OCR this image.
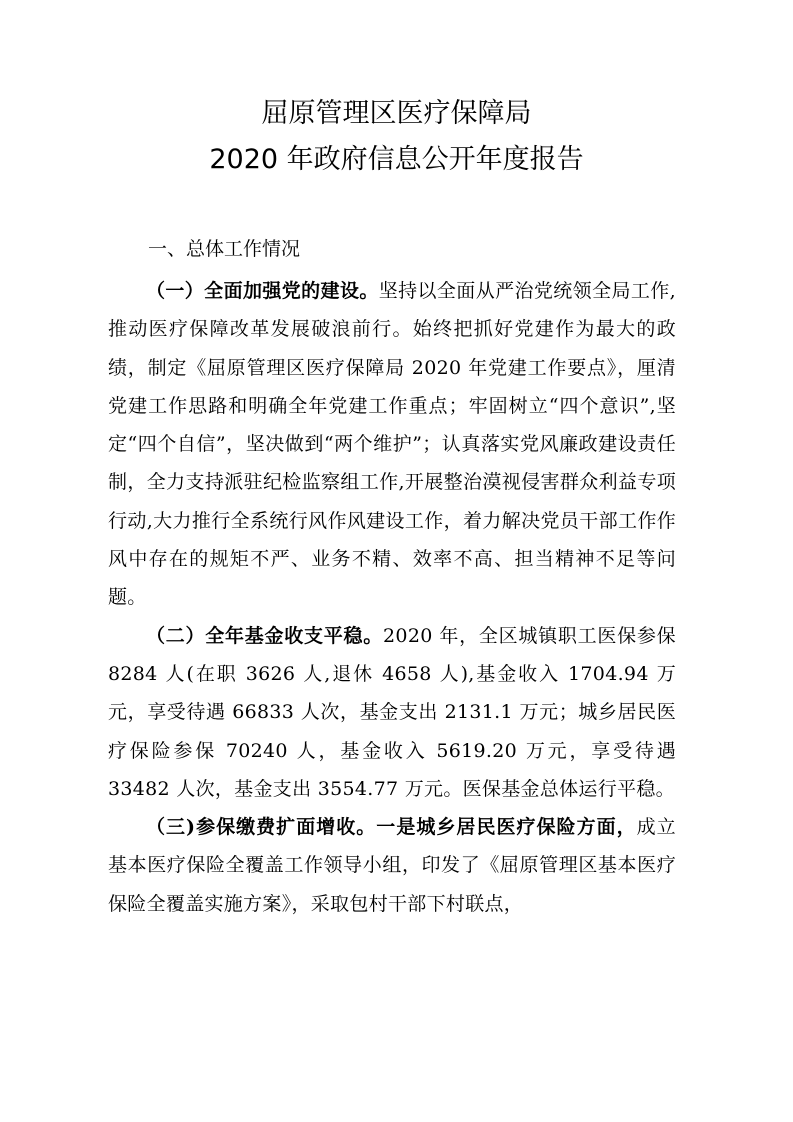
屈原管理区医疗保障局
2020 年政府信息公开年度报告
一、总体工作情况

（一）全面加强党的建设。坚持以全面从严治党统领全局工作,推动医疗保障改革发展破浪前行。始终把抓好党建作为最大的政绩，制定《屈原管理区医疗保障局 2020 年党建工作要点》，厘清党建工作思路和明确全年党建工作重点；牢固树立“四个意识”,坚定“四个自信”，坚决做到“两个维护”；认真落实党风廉政建设责任制，全力支持派驻纪检监察组工作,开展整治漠视侵害群众利益专项行动,大力推行全系统行风作风建设工作，着力解决党员干部工作作风中存在的规矩不严、业务不精、效率不高、担当精神不足等问题。

（二）全年基金收支平稳。2020 年，全区城镇职工医保参保 8284 人(在职 3626 人,退休 4658 人),基金收入 1704.94 万元，享受待遇 66833 人次，基金支出 2131.1 万元；城乡居民医疗保险参保 70240 人，基金收入 5619.20 万元，享受待遇 33482 人次，基金支出 3554.77 万元。医保基金总体运行平稳。

（三)参保缴费扩面增收。一是城乡居民医疗保险方面，成立基本医疗保险全覆盖工作领导小组，印发了《屈原管理区基本医疗保险全覆盖实施方案》，采取包村干部下村联点，
